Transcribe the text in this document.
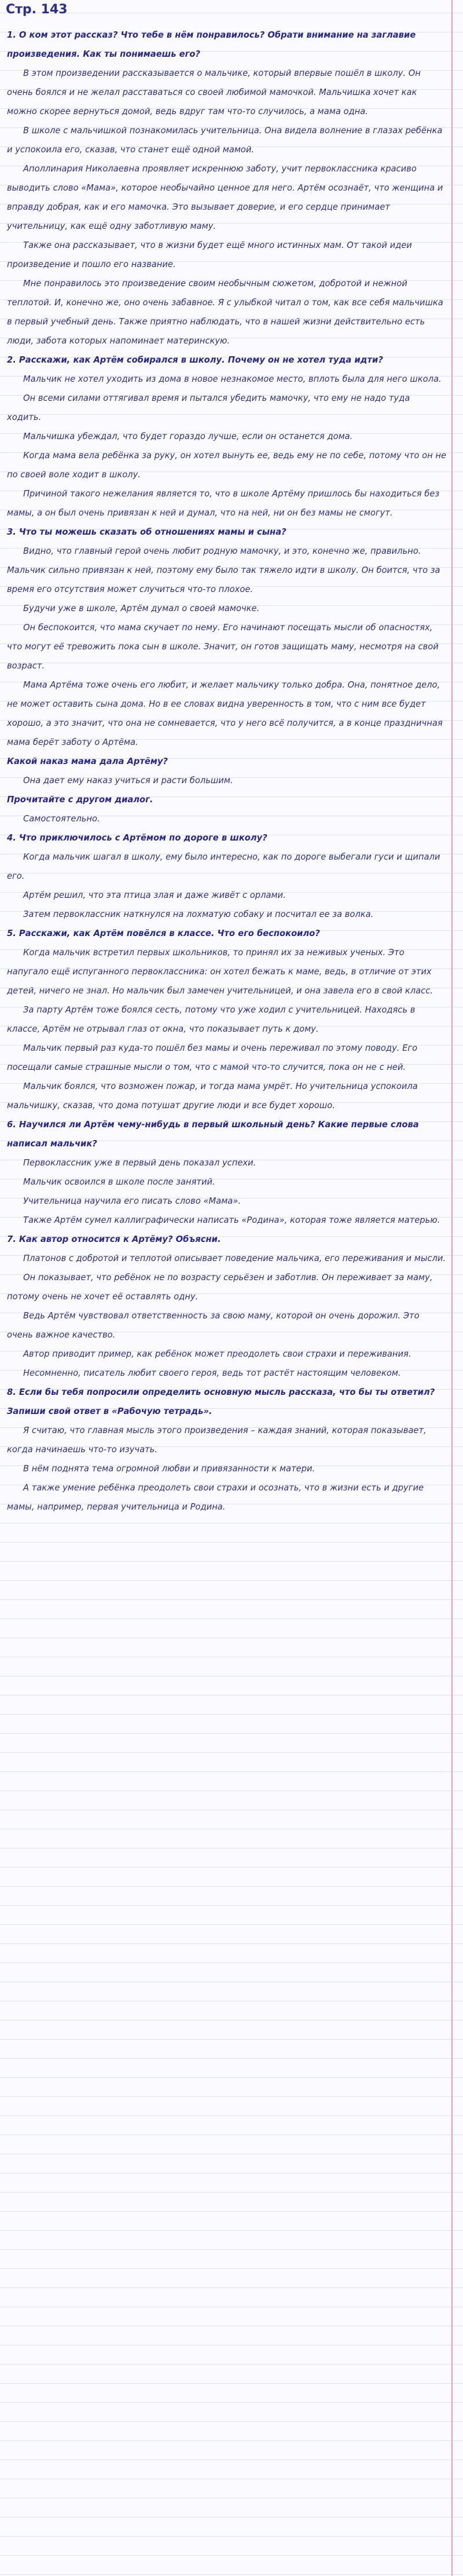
Стр. 143

1. О ком этот рассказ? Что тебе в нём понравилось? Обрати внимание на заглавие произведения. Как ты понимаешь его?

В этом произведении рассказывается о мальчике, который впервые пошёл в школу. Он очень боялся и не желал расставаться со своей любимой мамочкой. Мальчишка хочет как можно скорее вернуться домой, ведь вдруг там что-то случилось, а мама одна.

В школе с мальчишкой познакомилась учительница. Она видела волнение в глазах ребёнка и успокоила его, сказав, что станет ещё одной мамой.

Аполлинария Николаевна проявляет искреннюю заботу, учит первоклассника красиво выводить слово «Мама», которое необычайно ценное для него. Артём осознаёт, что женщина и вправду добрая, как и его мамочка. Это вызывает доверие, и его сердце принимает учительницу, как ещё одну заботливую маму.

Также она рассказывает, что в жизни будет ещё много истинных мам. От такой идеи произведение и пошло его название.

Мне понравилось это произведение своим необычным сюжетом, добротой и нежной теплотой. И, конечно же, оно очень забавное. Я с улыбкой читал о том, как все себя мальчишка в первый учебный день. Также приятно наблюдать, что в нашей жизни действительно есть люди, забота которых напоминает материнскую.

2. Расскажи, как Артём собирался в школу. Почему он не хотел туда идти?

Мальчик не хотел уходить из дома в новое незнакомое место, вплоть была для него школа.

Он всеми силами оттягивал время и пытался убедить мамочку, что ему не надо туда ходить.

Мальчишка убеждал, что будет гораздо лучше, если он останется дома.

Когда мама вела ребёнка за руку, он хотел вынуть ее, ведь ему не по себе, потому что он не по своей воле ходит в школу.

Причиной такого нежелания является то, что в школе Артёму пришлось бы находиться без мамы, а он был очень привязан к ней и думал, что на ней, ни он без мамы не смогут.

3. Что ты можешь сказать об отношениях мамы и сына?

Видно, что главный герой очень любит родную мамочку, и это, конечно же, правильно. Мальчик сильно привязан к ней, поэтому ему было так тяжело идти в школу. Он боится, что за время его отсутствия может случиться что-то плохое.

Будучи уже в школе, Артём думал о своей мамочке.

Он беспокоится, что мама скучает по нему. Его начинают посещать мысли об опасностях, что могут её тревожить пока сын в школе. Значит, он готов защищать маму, несмотря на свой возраст.

Мама Артёма тоже очень его любит, и желает мальчику только добра. Она, понятное дело, не может оставить сына дома. Но в ее словах видна уверенность в том, что с ним все будет хорошо, а это значит, что она не сомневается, что у него всё получится, а в конце праздничная мама берёт заботу о Артёма.

Какой наказ мама дала Артёму?

Она дает ему наказ учиться и расти большим.

Прочитайте с другом диалог.

Самостоятельно.

4. Что приключилось с Артёмом по дороге в школу?

Когда мальчик шагал в школу, ему было интересно, как по дороге выбегали гуси и щипали его.

Артём решил, что эта птица злая и даже живёт с орлами.

Затем первоклассник наткнулся на лохматую собаку и посчитал ее за волка.

5. Расскажи, как Артём повёлся в классе. Что его беспокоило?

Когда мальчик встретил первых школьников, то принял их за неживых ученых. Это напугало ещё испуганного первоклассника: он хотел бежать к маме, ведь, в отличие от этих детей, ничего не знал. Но мальчик был замечен учительницей, и она завела его в свой класс.

За парту Артём тоже боялся сесть, потому что уже ходил с учительницей. Находясь в классе, Артём не отрывал глаз от окна, что показывает путь к дому.

Мальчик первый раз куда-то пошёл без мамы и очень переживал по этому поводу. Его посещали самые страшные мысли о том, что с мамой что-то случится, пока он не с ней.

Мальчик боялся, что возможен пожар, и тогда мама умрёт. Но учительница успокоила мальчишку, сказав, что дома потушат другие люди и все будет хорошо.

6. Научился ли Артём чему-нибудь в первый школьный день? Какие первые слова написал мальчик?

Первоклассник уже в первый день показал успехи.

Мальчик освоился в школе после занятий.

Учительница научила его писать слово «Мама».

Также Артём сумел каллиграфически написать «Родина», которая тоже является матерью.

7. Как автор относится к Артёму? Объясни.

Платонов с добротой и теплотой описывает поведение мальчика, его переживания и мысли.

Он показывает, что ребёнок не по возрасту серьёзен и заботлив. Он переживает за маму, потому очень не хочет её оставлять одну.

Ведь Артём чувствовал ответственность за свою маму, которой он очень дорожил. Это очень важное качество.

Автор приводит пример, как ребёнок может преодолеть свои страхи и переживания.

Несомненно, писатель любит своего героя, ведь тот растёт настоящим человеком.

8. Если бы тебя попросили определить основную мысль рассказа, что бы ты ответил? Запиши свой ответ в «Рабочую тетрадь».

Я считаю, что главная мысль этого произведения – каждая знаний, которая показывает, когда начинаешь что-то изучать.

В нём поднята тема огромной любви и привязанности к матери.

А также умение ребёнка преодолеть свои страхи и осознать, что в жизни есть и другие мамы, например, первая учительница и Родина.
